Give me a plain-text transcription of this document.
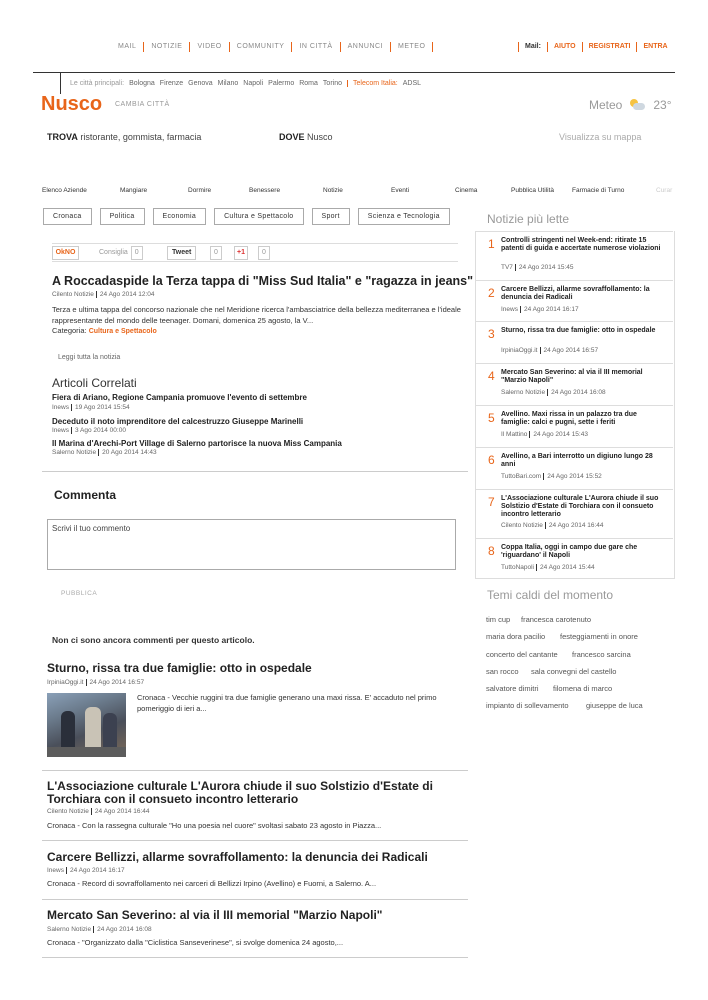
MAIL	NOTIZIE	VIDEO	COMMUNITY	IN CITTÀ	ANNUNCI	METEO	Mail:	AIUTO	REGISTRATI	ENTRA
Le città principali: Bologna Firenze Genova Milano Napoli Palermo Roma Torino	Telecom Italia: ADSL
Nusco CAMBIA CITTÀ	Meteo	23°
TROVA ristorante, gommista, farmacia	DOVE Nusco	Visualizza su mappa
Elenco Aziende	Mangiare	Dormire	Benessere	Notizie	Eventi	Cinema	Pubblica Utilità	Farmacie di Turno	Curar
Cronaca	Politica	Economia	Cultura e Spettacolo	Sport	Scienza e Tecnologia
OkNO	Consiglia 0	Tweet	0	+1	0
A Roccadaspide la Terza tappa di "Miss Sud Italia" e "ragazza in jeans"
Cilento Notizie 24 Ago 2014 12:04
Terza e ultima tappa del concorso nazionale che nel Meridione ricerca l'ambasciatrice della bellezza mediterranea e l'ideale rappresentante del mondo delle teenager. Domani, domenica 25 agosto, la V...
Categoria: Cultura e Spettacolo
Leggi tutta la notizia
Articoli Correlati
Fiera di Ariano, Regione Campania promuove l'evento di settembre
Inews 19 Ago 2014 15:54
Deceduto il noto imprenditore del calcestruzzo Giuseppe Marinelli
Inews 3 Ago 2014 00:00
Il Marina d'Arechi-Port Village di Salerno partorisce la nuova Miss Campania
Salerno Notizie 20 Ago 2014 14:43
Commenta
Scrivi il tuo commento
PUBBLICA
Non ci sono ancora commenti per questo articolo.
Sturno, rissa tra due famiglie: otto in ospedale
IrpiniaOggi.it 24 Ago 2014 16:57
Cronaca - Vecchie ruggini tra due famiglie generano una maxi rissa. E' accaduto nel primo pomeriggio di ieri a...
L'Associazione culturale L'Aurora chiude il suo Solstizio d'Estate di Torchiara con il consueto incontro letterario
Cilento Notizie 24 Ago 2014 16:44
Cronaca - Con la rassegna culturale "Ho una poesia nel cuore" svoltasi sabato 23 agosto in Piazza...
Carcere Bellizzi, allarme sovraffollamento: la denuncia dei Radicali
Inews 24 Ago 2014 16:17
Cronaca - Record di sovraffollamento nei carceri di Bellizzi Irpino (Avellino) e Fuorni, a Salerno. A...
Mercato San Severino: al via il III memorial "Marzio Napoli"
Salerno Notizie 24 Ago 2014 16:08
Cronaca - "Organizzato dalla "Ciclistica Sanseverinese", si svolge domenica 24 agosto,...
Notizie più lette
1 Controlli stringenti nel Week-end: ritirate 15 patenti di guida e accertate numerose violazioni
TV7 24 Ago 2014 15:45
2 Carcere Bellizzi, allarme sovraffollamento: la denuncia dei Radicali
Inews 24 Ago 2014 16:17
3 Sturno, rissa tra due famiglie: otto in ospedale
IrpiniaOggi.it 24 Ago 2014 16:57
4 Mercato San Severino: al via il III memorial "Marzio Napoli"
Salerno Notizie 24 Ago 2014 16:08
5 Avellino. Maxi rissa in un palazzo tra due famiglie: calci e pugni, sette i feriti
Il Mattino 24 Ago 2014 15:43
6 Avellino, a Bari interrotto un digiuno lungo 28 anni
TuttoBari.com 24 Ago 2014 15:52
7 L'Associazione culturale L'Aurora chiude il suo Solstizio d'Estate di Torchiara con il consueto incontro letterario
Cilento Notizie 24 Ago 2014 16:44
8 Coppa Italia, oggi in campo due gare che 'riguardano' il Napoli
TuttoNapoli 24 Ago 2014 15:44
Temi caldi del momento
tim cup francesca carotenuto
maria dora pacilio festeggiamenti in onore
concerto del cantante francesco sarcina
san rocco sala convegni del castello
salvatore dimitri filomena di marco
impianto di sollevamento giuseppe de luca
